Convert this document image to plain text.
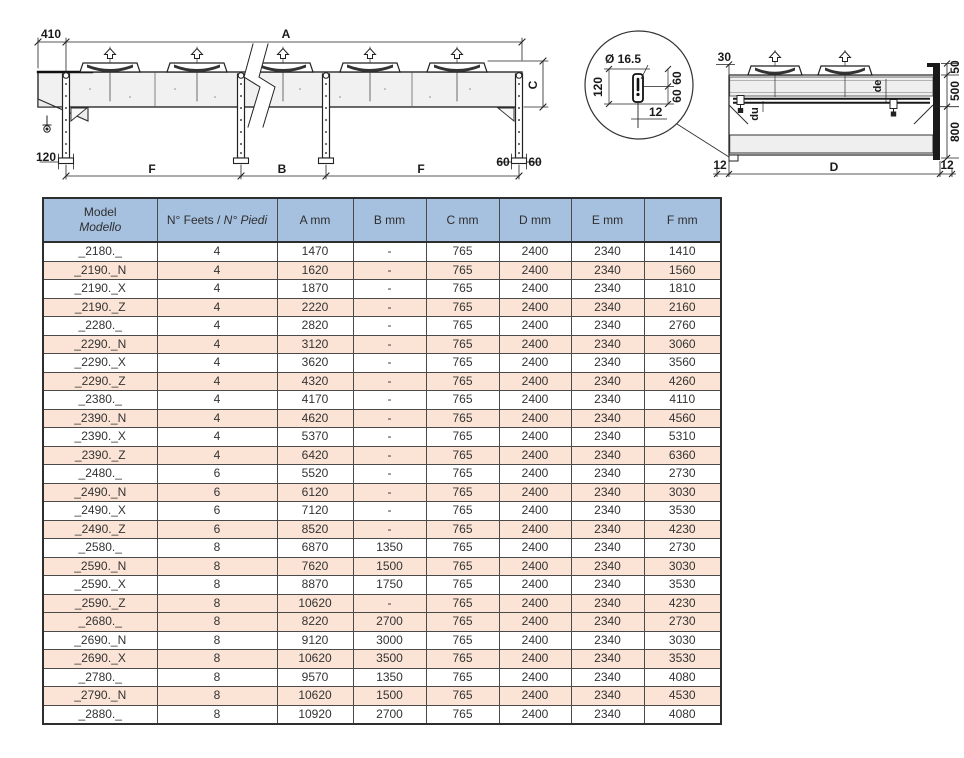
410	A
C
F	B	F
120	60 60
Ø 16.5
120	60
60
12	du
de
30
50
500
800
12	12
D
Model
Modello	N° Feets / N° Piedi	A mm	B mm	C mm	D mm	E mm	F mm
_2180._	4	1470	-	765	2400	2340	1410
_2190._N	4	1620	-	765	2400	2340	1560
_2190._X	4	1870	-	765	2400	2340	1810
_2190._Z	4	2220	-	765	2400	2340	2160
_2280._	4	2820	-	765	2400	2340	2760
_2290._N	4	3120	-	765	2400	2340	3060
_2290._X	4	3620	-	765	2400	2340	3560
_2290._Z	4	4320	-	765	2400	2340	4260
_2380._	4	4170	-	765	2400	2340	4110
_2390._N	4	4620	-	765	2400	2340	4560
_2390._X	4	5370	-	765	2400	2340	5310
_2390._Z	4	6420	-	765	2400	2340	6360
_2480._	6	5520	-	765	2400	2340	2730
_2490._N	6	6120	-	765	2400	2340	3030
_2490._X	6	7120	-	765	2400	2340	3530
_2490._Z	6	8520	-	765	2400	2340	4230
_2580._	8	6870	1350	765	2400	2340	2730
_2590._N	8	7620	1500	765	2400	2340	3030
_2590._X	8	8870	1750	765	2400	2340	3530
_2590._Z	8	10620	-	765	2400	2340	4230
_2680._	8	8220	2700	765	2400	2340	2730
_2690._N	8	9120	3000	765	2400	2340	3030
_2690._X	8	10620	3500	765	2400	2340	3530
_2780._	8	9570	1350	765	2400	2340	4080
_2790._N	8	10620	1500	765	2400	2340	4530
_2880._	8	10920	2700	765	2400	2340	4080
